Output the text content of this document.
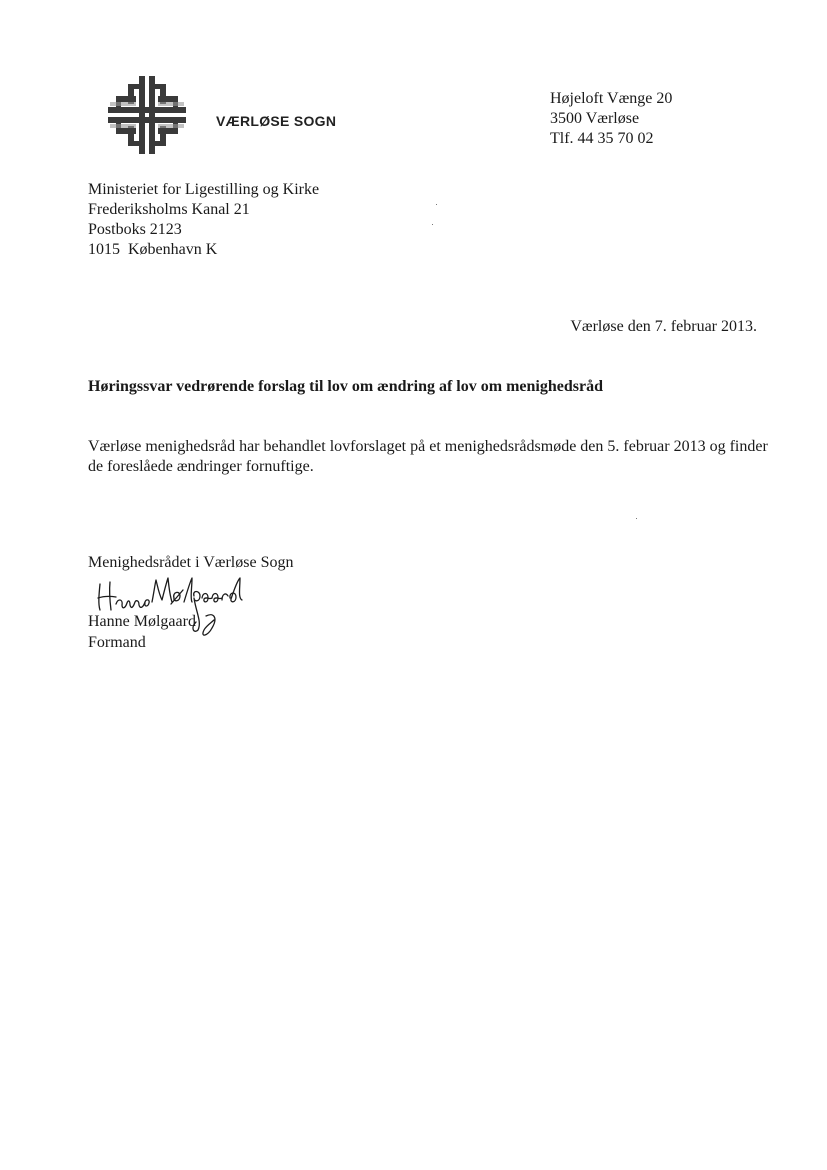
VÆRLØSE SOGN
Højeloft Vænge 20
3500 Værløse
Tlf. 44 35 70 02
Ministeriet for Ligestilling og Kirke
Frederiksholms Kanal 21
Postboks 2123
1015  København K
Værløse den 7. februar 2013.
Høringssvar vedrørende forslag til lov om ændring af lov om menighedsråd
Værløse menighedsråd har behandlet lovforslaget på et menighedsrådsmøde den 5. februar 2013 og finder de foreslåede ændringer fornuftige.
Menighedsrådet i Værløse Sogn
Hanne Mølgaard
Formand
